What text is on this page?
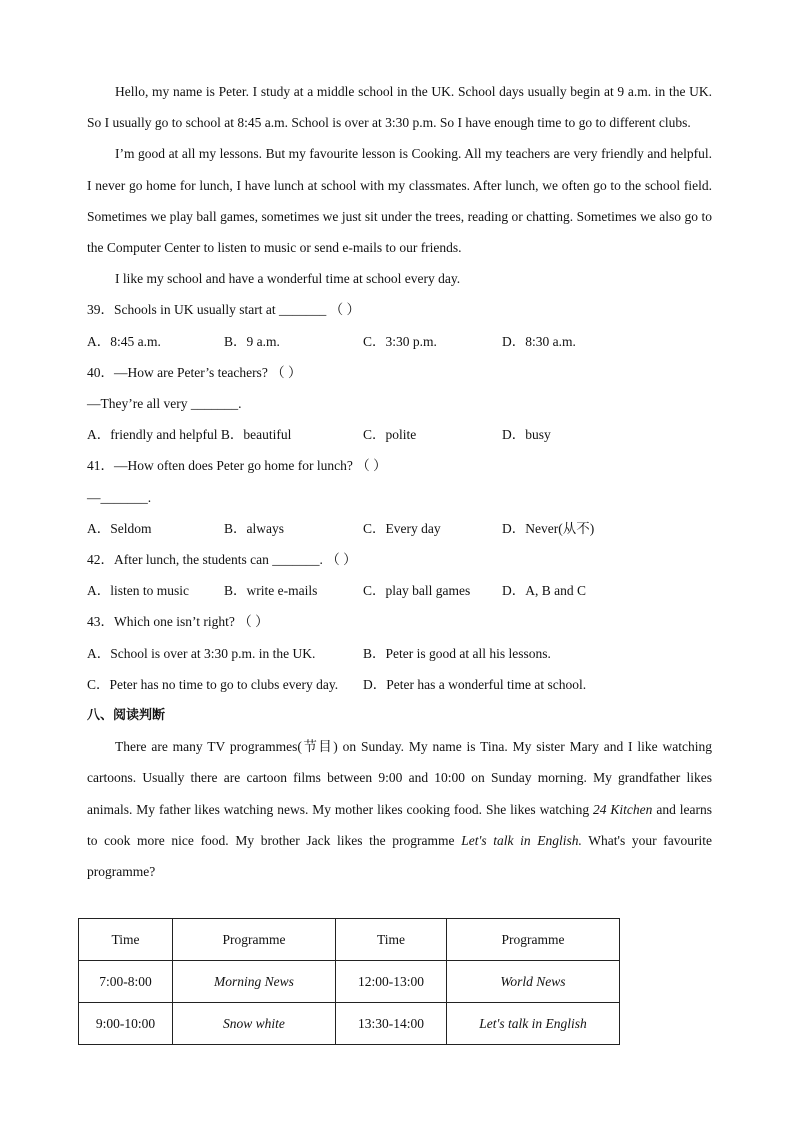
Hello, my name is Peter. I study at a middle school in the UK. School days usually begin at 9 a.m. in the UK. So I usually go to school at 8:45 a.m. School is over at 3:30 p.m. So I have enough time to go to different clubs.

I’m good at all my lessons. But my favourite lesson is Cooking. All my teachers are very friendly and helpful. I never go home for lunch, I have lunch at school with my classmates. After lunch, we often go to the school field. Sometimes we play ball games, sometimes we just sit under the trees, reading or chatting. Sometimes we also go to the Computer Center to listen to music or send e-mails to our friends.

I like my school and have a wonderful time at school every day.

39．Schools in UK usually start at _______ （ ）

A．8:45 a.m.	B．9 a.m.	C．3:30 p.m.	D．8:30 a.m.

40．—How are Peter’s teachers? （ ）

—They’re all very _______.

A．friendly and helpful B．beautiful	C．polite	D．busy

41．—How often does Peter go home for lunch? （ ）

—_______.

A．Seldom	B．always	C．Every day	D．Never(从不)

42．After lunch, the students can _______. （ ）

A．listen to music	B．write e-mails	C．play ball games D．A, B and C

43．Which one isn’t right? （ ）

A．School is over at 3:30 p.m. in the UK.	B．Peter is good at all his lessons.
C．Peter has no time to go to clubs every day. D．Peter has a wonderful time at school.

八、阅读判断

There are many TV programmes(节目) on Sunday. My name is Tina. My sister Mary and I like watching cartoons. Usually there are cartoon films between 9:00 and 10:00 on Sunday morning. My grandfather likes animals. My father likes watching news. My mother likes cooking food. She likes watching 24 Kitchen and learns to cook more nice food. My brother Jack likes the programme Let's talk in English. What's your favourite programme?

Time	Programme	Time	Programme
7:00-8:00	Morning News	12:00-13:00	World News
9:00-10:00	Snow white	13:30-14:00	Let's talk in English
